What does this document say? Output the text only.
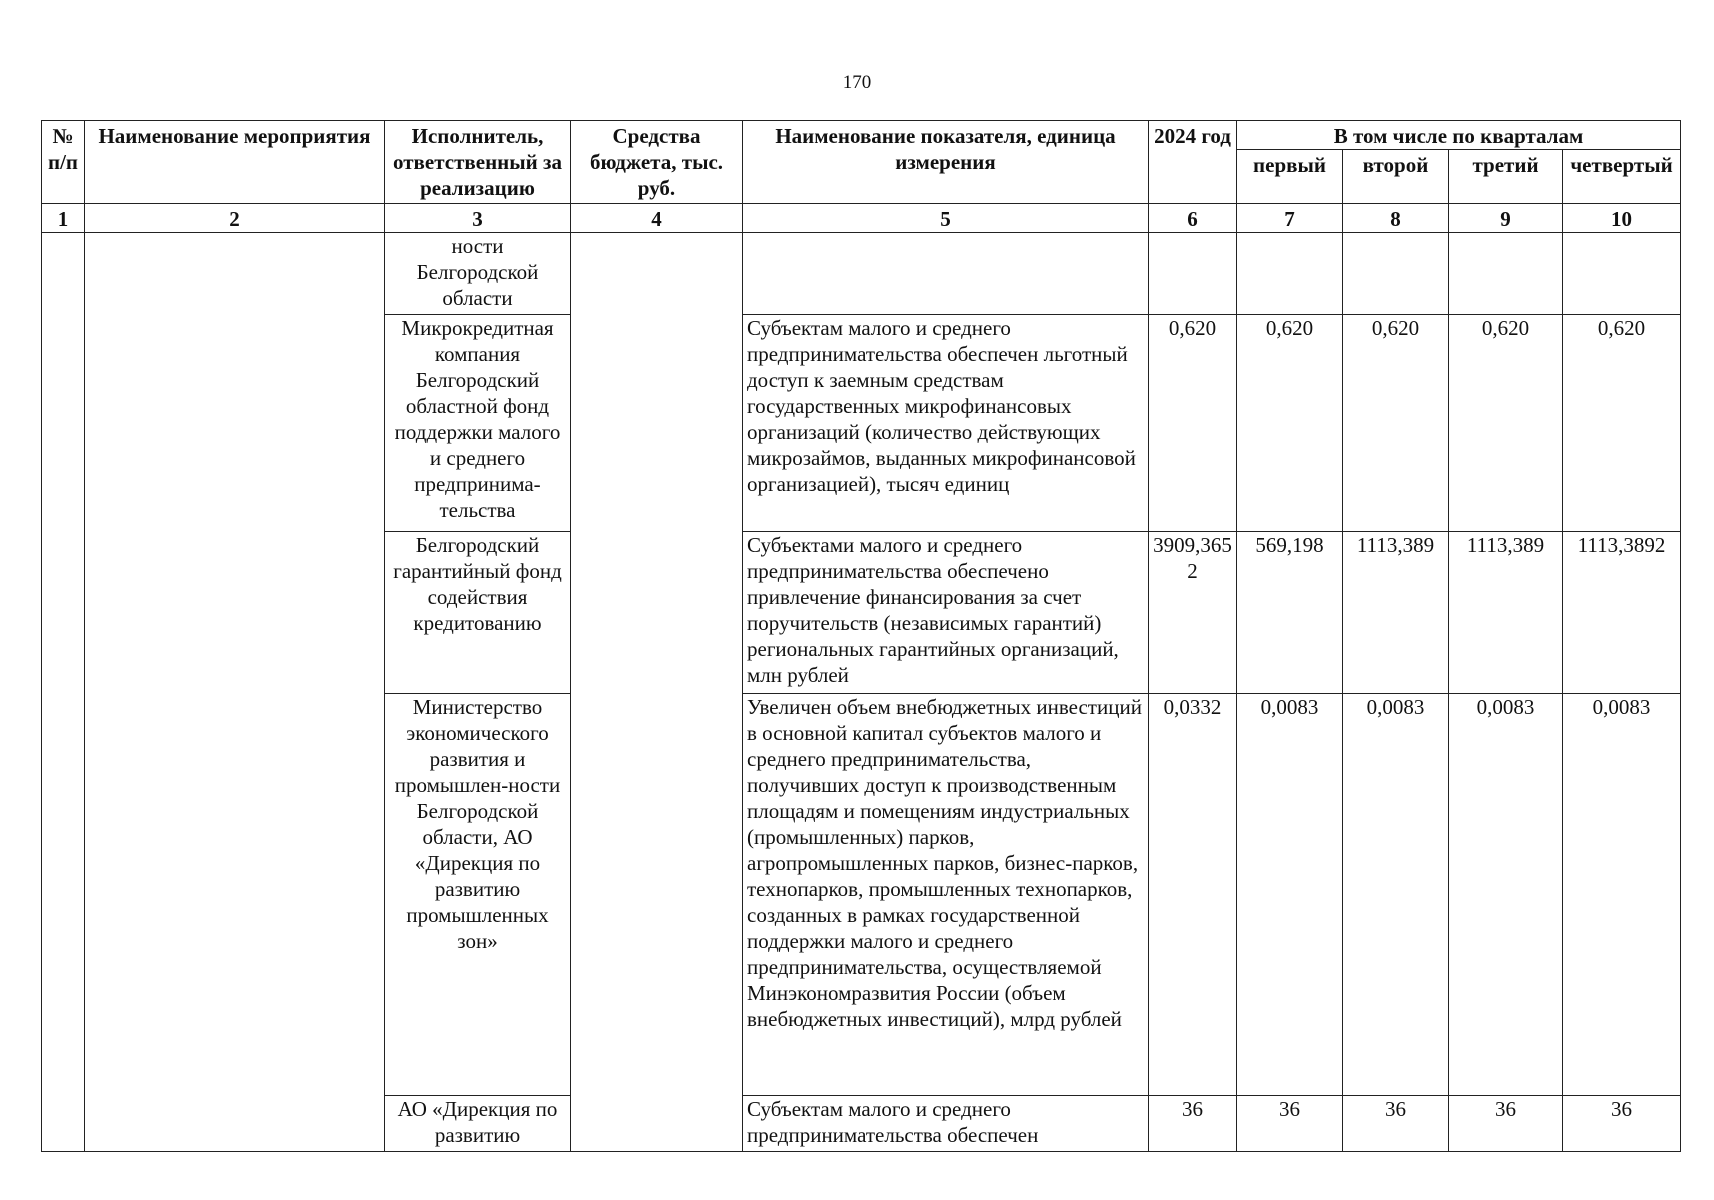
170
№ п/п	Наименование мероприятия	Исполнитель, ответственный за реализацию	Средства бюджета, тыс. руб.	Наименование показателя, единица измерения	2024 год	В том числе по кварталам			
						первый	второй	третий	четвертый
1	2	3	4	5	6	7	8	9	10
		ности Белгородской области							
		Микрокредитная компания Белгородский областной фонд поддержки малого и среднего предпринима-тельства		Субъектам малого и среднего предпринимательства обеспечен льготный доступ к заемным средствам государственных микрофинансовых организаций (количество действующих микрозаймов, выданных микрофинансовой организацией), тысяч единиц	0,620	0,620	0,620	0,620	0,620
		Белгородский гарантийный фонд содействия кредитованию		Субъектами малого и среднего предпринимательства обеспечено привлечение финансирования за счет поручительств (независимых гарантий) региональных гарантийных организаций, млн рублей	3909,3652	569,198	1113,389	1113,389	1113,3892
		Министерство экономического развития и промышлен-ности Белгородской области, АО «Дирекция по развитию промышленных зон»		Увеличен объем внебюджетных инвестиций в основной капитал субъектов малого и среднего предпринимательства, получивших доступ к производственным площадям и помещениям индустриальных (промышленных) парков, агропромышленных парков, бизнес-парков, технопарков, промышленных технопарков, созданных в рамках государственной поддержки малого и среднего предпринимательства, осуществляемой Минэкономразвития России (объем внебюджетных инвестиций), млрд рублей	0,0332	0,0083	0,0083	0,0083	0,0083
		АО «Дирекция по развитию		Субъектам малого и среднего предпринимательства обеспечен	36	36	36	36	36
